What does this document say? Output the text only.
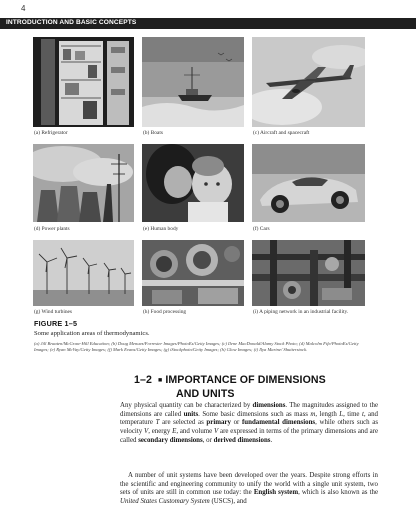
4
INTRODUCTION AND BASIC CONCEPTS
(a) Refrigerator	(b) Boats	(c) Aircraft and spacecraft
(d) Power plants	(e) Human body	(f) Cars
(g) Wind turbines	(h) Food processing	(i) A piping network in an industrial facility.
FIGURE 1–5
Some application areas of thermodynamics.
(a) Jill Braaten/McGraw-Hill Education; (b) Doug Menuez/Forrester Images/PhotoEs/Getty Images; (c) Ilene MacDonald/Alamy Stock Photo; (d) Malcolm Fife/PhotoEs/Getty Images; (e) Ryan McVay/Getty Images; (f) Mark Evans/Getty Images; (g) iStockphoto/Getty Images; (h) Glow Images; (i) Ilya Marine/ Shutterstock.
1–2 ■ IMPORTANCE OF DIMENSIONS
AND UNITS

Any physical quantity can be characterized by dimensions. The magnitudes assigned to the dimensions are called units. Some basic dimensions such as mass m, length L, time t, and temperature T are selected as primary or fundamental dimensions, while others such as velocity V, energy E, and volume V are expressed in terms of the primary dimensions and are called secondary dimensions, or derived dimensions.

A number of unit systems have been developed over the years. Despite strong efforts in the scientific and engineering community to unify the world with a single unit system, two sets of units are still in common use today: the English system, which is also known as the United States Customary System (USCS), and
